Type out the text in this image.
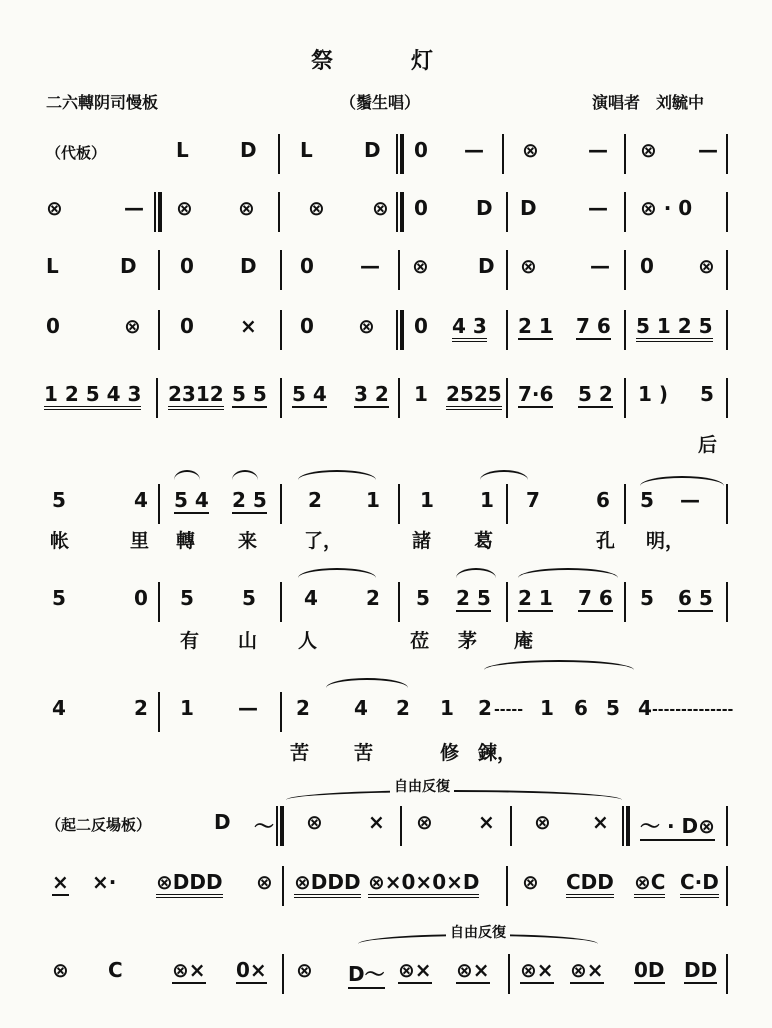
祭　灯
二六轉阴司慢板	（鬚生唱）	演唱者　刘毓中
（代板）	L	D L	D 0 — ⊗ — ⊗ —
⊗	— ⊗ ⊗	⊗ ⊗ 0 D D	— ⊗ · 0
L	D 0 D 0 — ⊗ D ⊗	— 0 ⊗
0	⊗ 0 × 0 ⊗ 0 4 3 2 1 7 6 5 1 2 5
1 2 5 4 3 2312 5 5 5 4 3 2 1 2525 7·6 5 2 1 ) 5
后
5	4 5 4 2 5 2 1 1 1 7	6 5 —
帐	里 轉 来 了，	諸 葛	孔 明，
5	0 5 5 4 2 5 2 5 2 1 7 6 5 6 5
有 山 人	莅 茅 庵
4	2 1 — 2 4 2 1 2 ----- 1 6 5 4 --------------
苦 苦	修 鍊，
自由反復
（起二反場板）	D ～ ⊗ × ⊗ × ⊗ × ～ · D⊗
× ×· ⊗DDD ⊗ ⊗DDD ⊗×0×0×D ⊗ CDD ⊗C C·D
自由反復
⊗ C ⊗× 0× ⊗ D～ ⊗× ⊗× ⊗× ⊗× 0D DD
